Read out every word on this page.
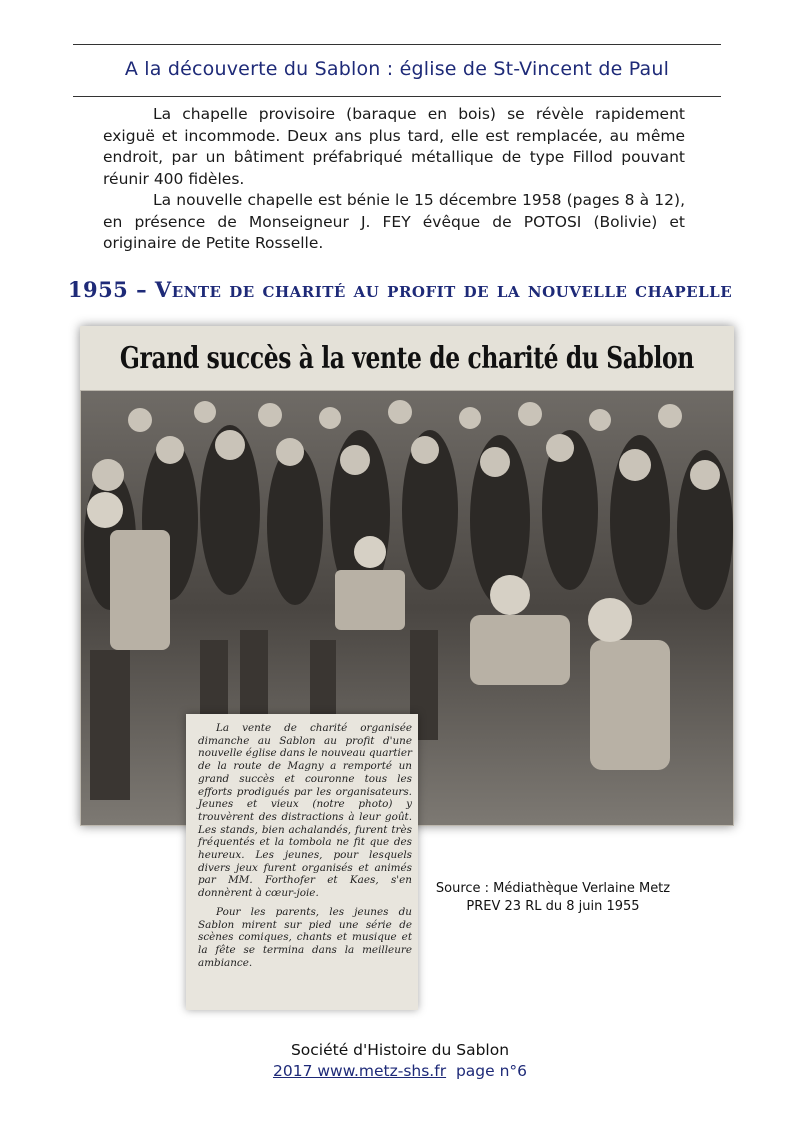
A la découverte du Sablon : église de St-Vincent de Paul

La chapelle provisoire (baraque en bois) se révèle rapidement exiguë et incommode. Deux ans plus tard, elle est remplacée, au même endroit, par un bâtiment préfabriqué métallique de type Fillod pouvant réunir 400 fidèles.

La nouvelle chapelle est bénie le 15 décembre 1958 (pages 8 à 12), en présence de Monseigneur J. FEY évêque de POTOSI (Bolivie) et originaire de Petite Rosselle.

1955 – Vente de charité au profit de la nouvelle chapelle
Grand succès à la vente de charité du Sablon

La vente de charité organisée dimanche au Sablon au profit d'une nouvelle église dans le nouveau quartier de la route de Magny a remporté un grand succès et couronne tous les efforts prodigués par les organisateurs. Jeunes et vieux (notre photo) y trouvèrent des distractions à leur goût. Les stands, bien achalandés, furent très fréquentés et la tombola ne fit que des heureux. Les jeunes, pour lesquels divers jeux furent organisés et animés par MM. Forthofer et Kaes, s'en donnèrent à cœur-joie.

Pour les parents, les jeunes du Sablon mirent sur pied une série de scènes comiques, chants et musique et la fête se termina dans la meilleure ambiance.

Source : Médiathèque Verlaine Metz
PREV 23 RL du 8 juin 1955
Société d'Histoire du Sablon
2017 www.metz-shs.fr page n°6
